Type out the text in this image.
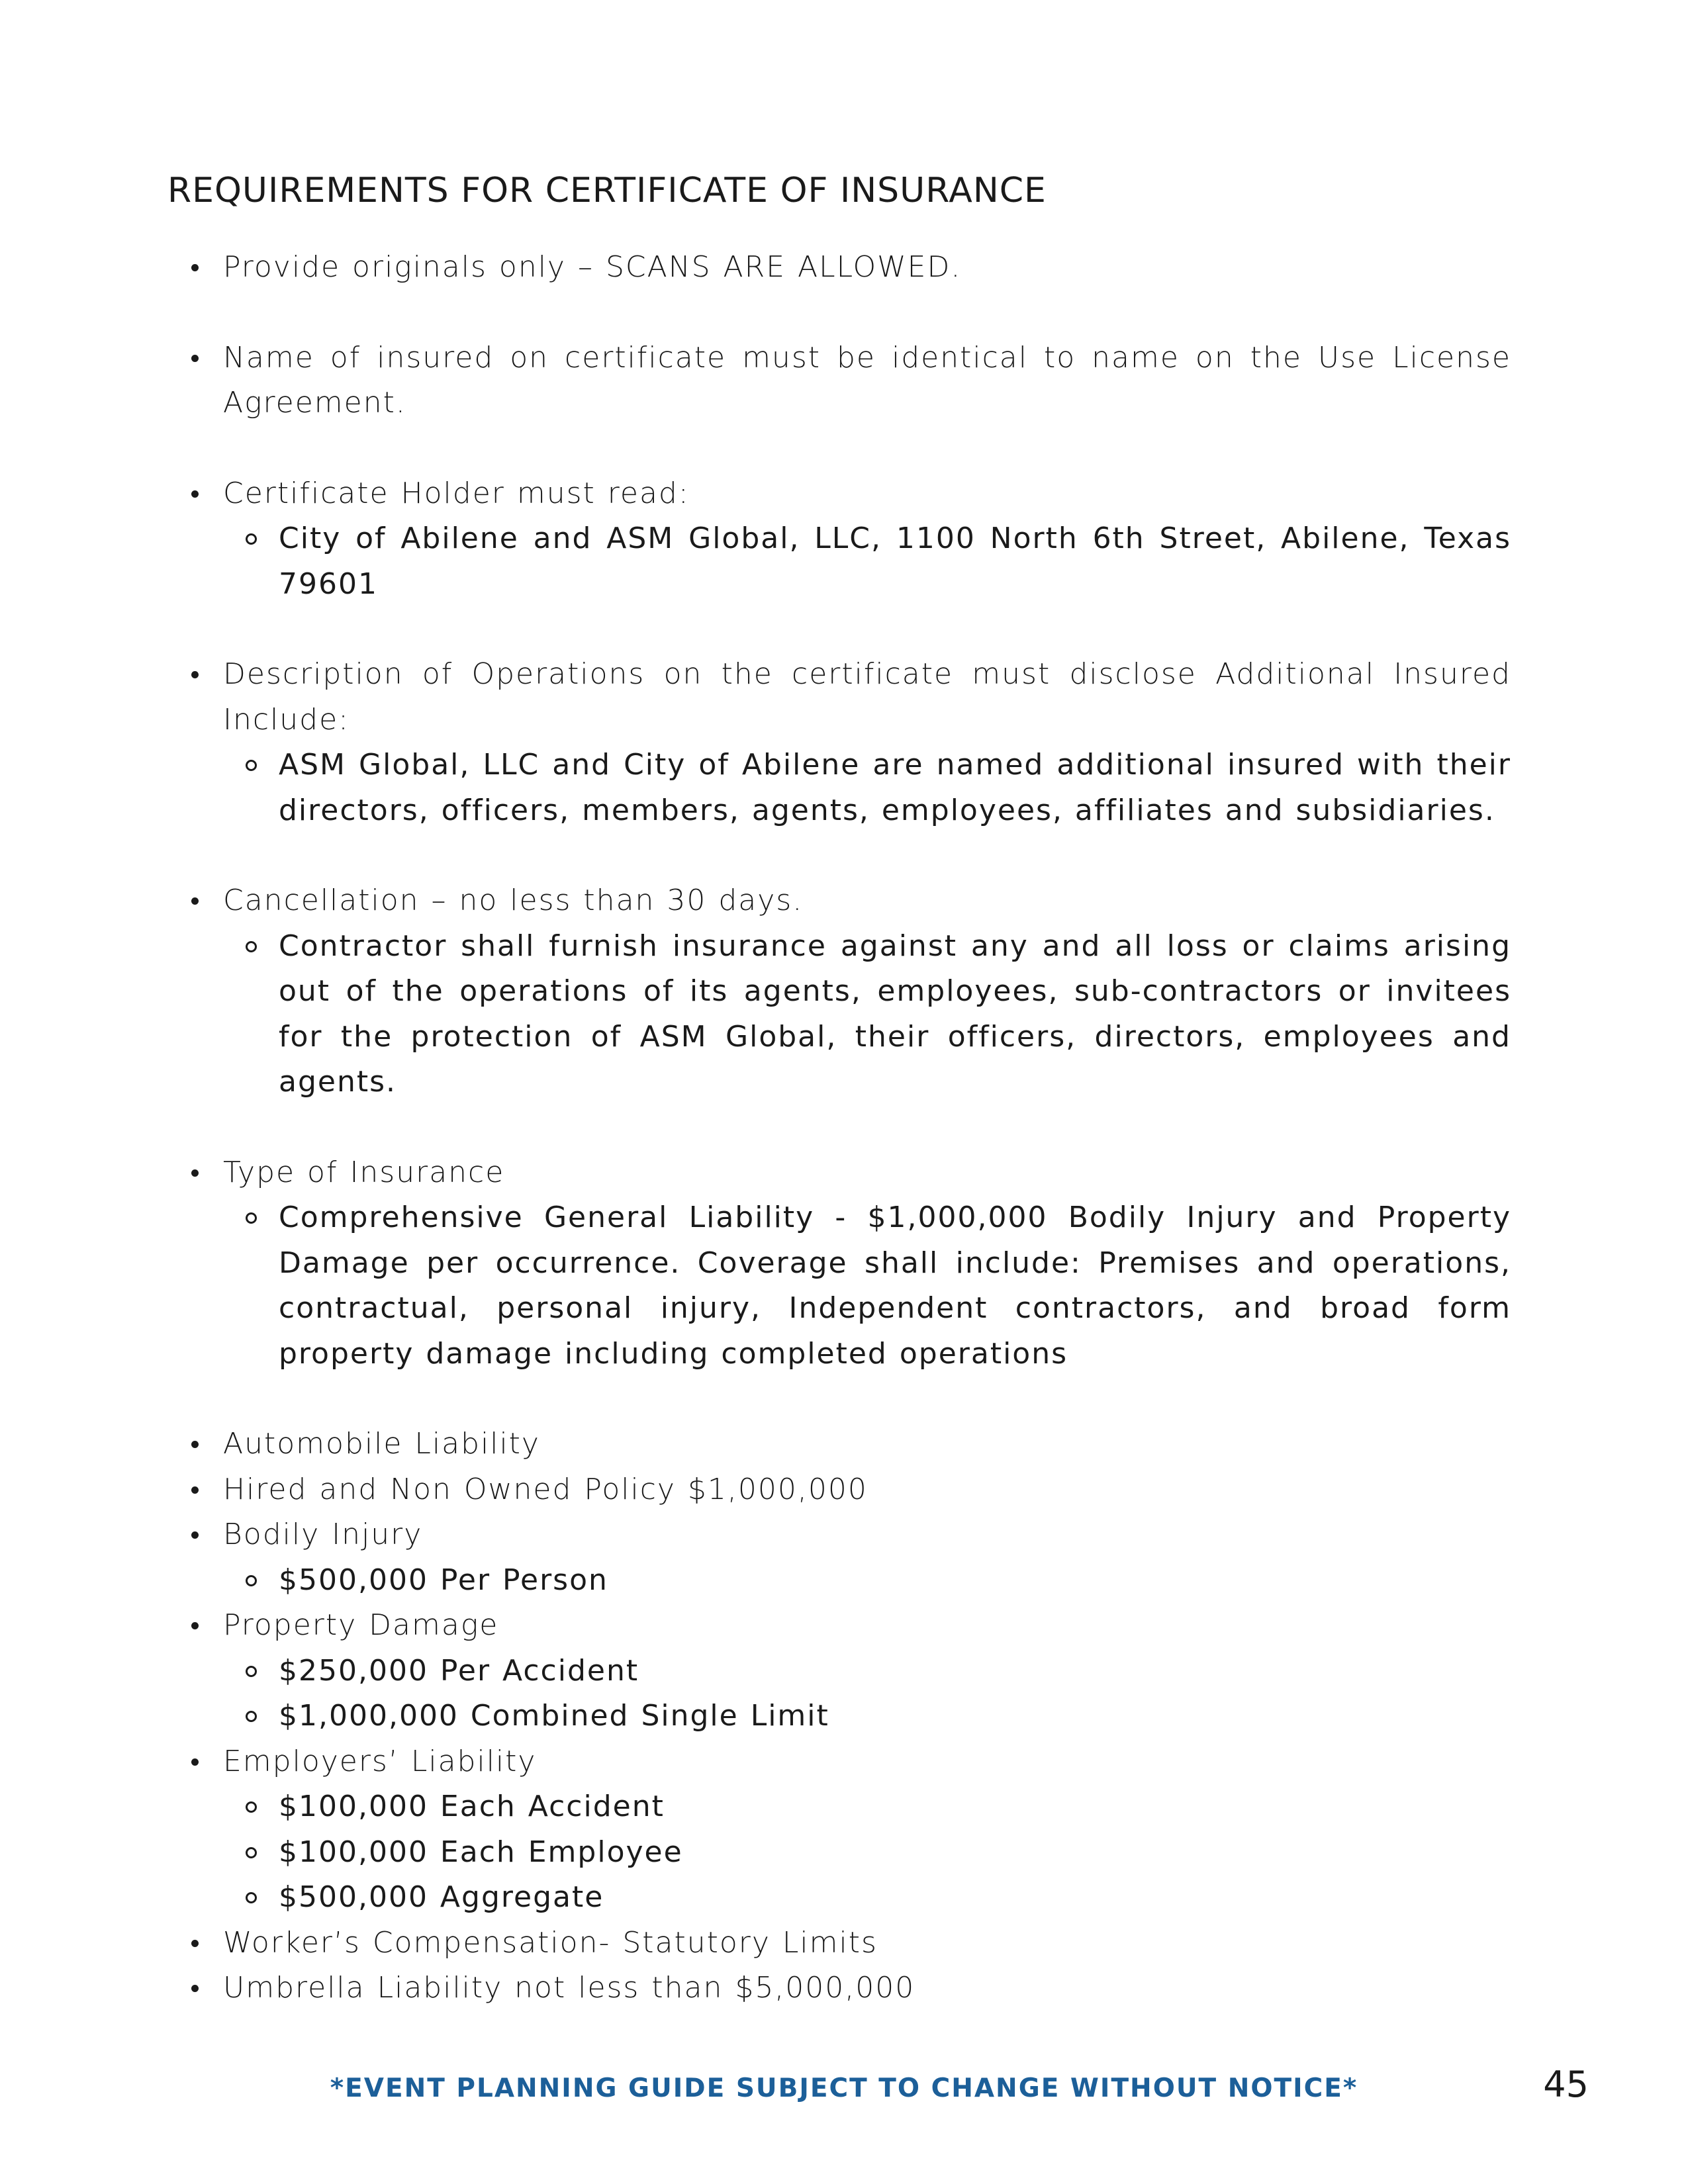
REQUIREMENTS FOR CERTIFICATE OF INSURANCE
Provide originals only – SCANS ARE ALLOWED.
Name of insured on certificate must be identical to name on the Use License Agreement.
Certificate Holder must read:
City of Abilene and ASM Global, LLC, 1100 North 6th Street, Abilene, Texas 79601
Description of Operations on the certificate must disclose Additional Insured Include:
ASM Global, LLC and City of Abilene are named additional insured with their directors, officers, members, agents, employees, affiliates and subsidiaries.
Cancellation – no less than 30 days.
Contractor shall furnish insurance against any and all loss or claims arising out of the operations of its agents, employees, sub-contractors or invitees for the protection of ASM Global, their officers, directors, employees and agents.
Type of Insurance
Comprehensive General Liability - $1,000,000 Bodily Injury and Property Damage per occurrence. Coverage shall include: Premises and operations, contractual, personal injury, Independent contractors, and broad form property damage including completed operations
Automobile Liability
Hired and Non Owned Policy $1,000,000
Bodily Injury
$500,000 Per Person
Property Damage
$250,000 Per Accident
$1,000,000 Combined Single Limit
Employers’ Liability
$100,000 Each Accident
$100,000 Each Employee
$500,000 Aggregate
Worker’s Compensation- Statutory Limits
Umbrella Liability not less than $5,000,000
*EVENT PLANNING GUIDE SUBJECT TO CHANGE WITHOUT NOTICE*	45
